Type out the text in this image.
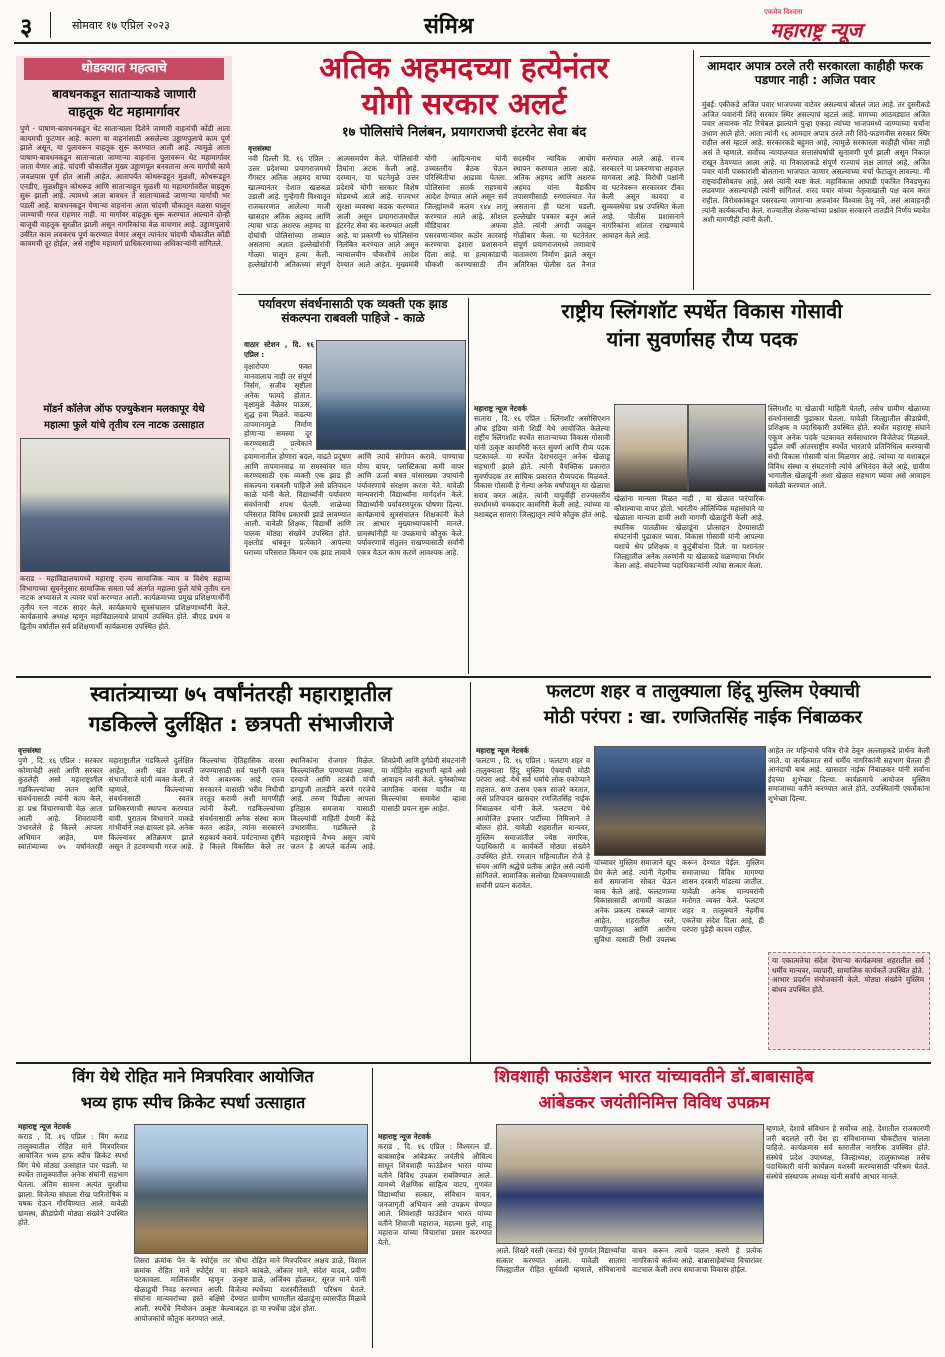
३	सोमवार १७ एप्रिल २०२३	संमिश्र
एकमेव विश्वास
महाराष्ट्र न्यूज
थोडक्यात महत्वाचे
बावधनकडून साताऱ्याकडे जाणारी
वाहतूक थेट महामार्गावर
पुणे - पाषाण-बावधनकडून थेट साताऱ्याला दिशेने जाणारी वाहनांची कोंडी आता कायमची फुटणार आहे. कारण या वाहनांसाठी असलेल्या उड्डाणपुलाचे काम पूर्ण झाले असून, या पुलावरून वाहतूक सुरू करण्यात आली आहे. त्यामुळे आता पाषाण-बावधनकडून साताऱ्याला जाणाऱ्या वाहनांना पुलावरून थेट महामार्गावर जाता येणार आहे. चांदणी चौकातील मुख्य उड्डाणपूल बनवताना अन्य मार्गांची कामे जवळपास पूर्ण होत आली आहेत. आतापर्यंत कोथरूडहून मुळशी, कोथरूडहून एनडीए, मुळशीहून कोथरूड आणि साताऱ्याहून मुळशी या महामार्गावरील वाहतूक सुरू झाली आहे. त्यामध्ये आता बावधन ते साताऱ्याकडे जाणाऱ्या मार्गाची भर पडली आहे. बावधनकडून येणाऱ्या वाहनांना आता चांदणी चौकातून वळसा घालून जाण्याची गरज राहणार नाही. या मार्गावर वाहतूक सुरू करण्यात आल्याने दोन्ही बाजूची वाहतूक सुरळीत झाली असून नागरिकांचा वेळ वाचणार आहे. उड्डाणपुलाचे उर्वरित काम लवकरच पूर्ण करण्यात येणार असून त्यानंतर चांदणी चौकातील कोंडी कायमची दूर होईल, असे राष्ट्रीय महामार्ग प्राधिकरणाच्या अधिकाऱ्यांनी सांगितले.
मॉडर्न कॉलेज ऑफ एज्युकेशन मलकापूर येथे
महात्मा फुले यांचे तृतीय रत्न नाटक उत्साहात
कराड - महाविद्यालयामध्ये महाराष्ट्र राज्य सामाजिक न्याय व विशेष सहाय्य विभागाच्या सूचनेनुसार सामाजिक समता पर्व अंतर्गत महात्मा फुले यांचे तृतीय रत्न नाटक अभ्यासले व त्यावर चर्चा करण्यात आली. कार्यक्रमाच्या प्रमुख प्रशिक्षणार्थींनी तृतीय रत्न नाटक सादर केले. कार्यक्रमाचे सूत्रसंचालन प्रशिक्षणार्थ्यांनी केले. कार्यक्रमाचे अध्यक्ष म्हणून महाविद्यालयाचे प्राचार्य उपस्थित होते. बीएड प्रथम व द्वितीय वर्षातील सर्व प्रशिक्षणार्थी कार्यक्रमास उपस्थित होते.
अतिक अहमदच्या हत्येनंतर
योगी सरकार अलर्ट
१७ पोलिसांचे निलंबन, प्रयागराजची इंटरनेट सेवा बंद
वृत्तसंस्था
नवी दिल्ली दि. १६ एप्रिल : उत्तर प्रदेशच्या प्रयागराजमध्ये गँगस्टर अतिक अहमद याच्या खात्म्यानंतर देशात खळबळ उडाली आहे. गुन्हेगारी विश्वातून राजकारणात आलेल्या माजी खासदार अतिक अहमद आणि त्याचा भाऊ अशरफ अहमद या दोघांची पोलिसांच्या ताब्यात असताना अज्ञात हल्लेखोरांनी गोळ्या घालून हत्या केली. हल्लेखोरांनी अतिकच्या संपूर्ण आत्मसमर्पण केले. पोलिसांनी तिघांना अटक केली आहे. दरम्यान, या घटनेमुळे उत्तर प्रदेशचे योगी सरकार विशेष मोडमध्ये आले आहे. राज्यभर सुरक्षा व्यवस्था कडक करण्यात आली असून प्रयागराजमधील इंटरनेट सेवा बंद करण्यात आली आहे. या प्रकरणी १७ पोलिसांना निलंबित करण्यात आले असून न्यायालयीन चौकशीचे आदेश देण्यात आले आहेत. मुख्यमंत्री योगी आदित्यनाथ यांनी उच्चस्तरीय बैठक घेऊन परिस्थितीचा आढावा घेतला. पोलिसांना सतर्क राहण्याचे आदेश देण्यात आले असून सर्व जिल्ह्यांमध्ये कलम १४४ लागू करण्यात आले आहे. सोशल मीडियावर अफवा पसरवणाऱ्यांवर कठोर कारवाई करण्याचा इशारा प्रशासनाने दिला आहे. या हत्याकांडाची चौकशी करण्यासाठी तीन सदस्यीय न्यायिक आयोग स्थापन करण्यात आला आहे. अतिक अहमद आणि अशरफ अहमद यांना वैद्यकीय तपासणीसाठी रुग्णालयात नेत असताना ही घटना घडली. हल्लेखोर पत्रकार बनून आले होते. त्यांनी अगदी जवळून गोळीबार केला. या घटनेनंतर संपूर्ण प्रयागराजमध्ये तणावाचे वातावरण निर्माण झाले असून अतिरिक्त पोलीस दल तैनात करण्यात आले आहे. राज्य सरकारने या प्रकरणाचा अहवाल मागवला आहे. विरोधी पक्षांनी या घटनेवरून सरकारवर टीका केली असून कायदा व सुव्यवस्थेचा प्रश्न उपस्थित केला आहे. पोलीस प्रशासनाने नागरिकांना शांतता राखण्याचे आवाहन केले आहे.
आमदार अपात्र ठरले तरी सरकारला काहीही फरक पडणार नाही : अजित पवार
मुंबई: एकीकडे अजित पवार भाजपच्या वाटेवर असल्याचं बोललं जात आहे. तर दुसरीकडे अजित पवारांनी शिंदे सरकार स्थिर असल्याचं म्हटलं आहे. मागच्या आठवड्यात अजित पवार अचानक नॉट रिचेबल झाल्याने पुन्हा एकदा त्यांच्या भाजपमध्ये जाण्याच्या चर्चांना उधाण आले होते. आता त्यांनी १६ आमदार अपात्र ठरले तरी शिंदे-फडणवीस सरकार स्थिर राहील असं म्हटलं आहे. सरकारकडे बहुमत आहे, त्यामुळे सरकारला काहीही धोका नाही असं ते म्हणाले. सर्वोच्च न्यायालयात सत्तासंघर्षाची सुनावणी पूर्ण झाली असून निकाल राखून ठेवण्यात आला आहे. या निकालाकडे संपूर्ण राज्याचं लक्ष लागलं आहे. अजित पवार यांनी पत्रकारांशी बोलताना भाजपात जाणार असल्याच्या चर्चा फेटाळून लावल्या. मी राष्ट्रवादीसोबतच आहे, असं त्यांनी स्पष्ट केलं. महाविकास आघाडी एकत्रित निवडणुका लढवणार असल्याचंही त्यांनी सांगितलं. शरद पवार यांच्या नेतृत्वाखाली पक्ष काम करत राहील. विरोधकांकडून पसरवल्या जाणाऱ्या अफवांवर विश्वास ठेवू नये, असं आवाहनही त्यांनी कार्यकर्त्यांना केलं. राज्यातील शेतकऱ्यांच्या प्रश्नांवर सरकारने तातडीने निर्णय घ्यावेत अशी मागणीही त्यांनी केली.
पर्यावरण संवर्धनासाठी एक व्यक्ती एक झाड संकल्पना राबवली पाहिजे - काळे
वाठार स्टेशन , दि. १६ एप्रिल :
वृक्षारोपण फक्त मानवालाच नाही तर संपूर्ण निर्सग, सजीव सृष्टीला अनेक फायदे होतात. वृक्षामुळे वेळेवर पाऊस, शुद्ध हवा मिळते. वाढत्या तापमानामुळे निर्माण होणाऱ्या समस्या दूर करण्यासाठी प्रत्येकाने
हवामानातील होणारा बदल, वाढते प्रदूषण आणि तापमानवाढ या समस्यांवर मात करण्यासाठी एक व्यक्ती एक झाड ही संकल्पना राबवली पाहिजे असे प्रतिपादन काळे यांनी केले. विद्यार्थ्यांनी पर्यावरण संवर्धनाची शपथ घेतली. शाळेच्या परिसरात विविध प्रकारची झाडे लावण्यात आली. यावेळी शिक्षक, विद्यार्थी आणि पालक मोठ्या संख्येने उपस्थित होते. वृक्षतोड थांबवून प्रत्येकाने आपल्या घराच्या परिसरात किमान एक झाड लावावे आणि त्याचे संगोपन करावे. पाण्याचा योग्य वापर, प्लास्टिकचा कमी वापर आणि ऊर्जा बचत यांसारख्या उपायांनी पर्यावरणाचे संरक्षण करता येते. यावेळी मान्यवरांनी विद्यार्थ्यांना मार्गदर्शन केले. विद्यार्थ्यांनी पर्यावरणपूरक घोषणा दिल्या. कार्यक्रमाचे सूत्रसंचालन शिक्षकांनी केले तर आभार मुख्याध्यापकांनी मानले. ग्रामस्थांनीही या उपक्रमाचे कौतुक केले. पर्यावरणाचे संतुलन राखण्यासाठी सर्वांनी एकत्र येऊन काम करणे आवश्यक आहे.
राष्ट्रीय स्लिंगशॉट स्पर्धेत विकास गोसावी
यांना सुवर्णासह रौप्य पदक
महाराष्ट्र न्यूज नेटवर्क
सातारा , दि. १६ एप्रिल : स्लिंगशॉट असोसिएशन ऑफ इंडिया यांनी शिर्डी येथे आयोजित केलेल्या राष्ट्रीय स्लिंगशॉट स्पर्धेत साताऱ्याच्या विकास गोसावी यांनी उत्कृष्ट कामगिरी करत सुवर्ण आणि रौप्य पदक पटकावले. या स्पर्धेत देशभरातून अनेक खेळाडू सहभागी झाले होते. त्यांनी वैयक्तिक प्रकारात सुवर्णपदक तर सांघिक प्रकारात रौप्यपदक मिळवले. विकास गोसावी हे गेल्या अनेक वर्षांपासून या खेळाचा सराव करत आहेत. त्यांनी यापूर्वीही राज्यस्तरीय स्पर्धांमध्ये चमकदार कामगिरी केली आहे. त्यांच्या या यशाबद्दल सातारा जिल्ह्यातून त्यांचे कौतुक होत आहे.
खेळांना मान्यता मिळत नाही , या खेळात पारंपारिक कौशल्याचा वापर होतो. भारतीय ऑलिम्पिक महासंघाने या खेळाला मान्यता द्यावी अशी मागणी खेळाडूंनी केली आहे. स्थानिक पातळीवर खेळाडूंना प्रोत्साहन देण्यासाठी संघटनांनी पुढाकार घ्यावा. विकास गोसावी यांनी आपल्या यशाचे श्रेय प्रशिक्षक व कुटुंबीयांना दिले. या यशानंतर जिल्ह्यातील अनेक तरुणांनी या खेळाकडे वळण्याचा निर्धार केला आहे. संघटनेच्या पदाधिकाऱ्यांनी त्यांचा सत्कार केला.
स्लिंगशॉट या खेळाची माहिती घेतली, तसेच ग्रामीण खेळाच्या संवर्धनासाठी पुढाकार घेतला. यावेळी जिल्ह्यातील क्रीडाप्रेमी, प्रशिक्षक व पदाधिकारी उपस्थित होते. स्पर्धेत महाराष्ट्र संघाने एकूण अनेक पदके पटकावत सर्वसाधारण विजेतेपद मिळवले. पुढील वर्षी आंतरराष्ट्रीय स्पर्धेत भारताचे प्रतिनिधित्व करण्याची संधी विकास गोसावी यांना मिळणार आहे. त्यांच्या या यशाबद्दल विविध संस्था व संघटनांनी त्यांचे अभिनंदन केले आहे. ग्रामीण भागातील खेळाडूंनी अशा खेळात सहभाग घ्यावा असे आवाहन यावेळी करण्यात आले.
स्वातंत्र्याच्या ७५ वर्षांनंतरही महाराष्ट्रातील
गडकिल्ले दुर्लक्षित : छत्रपती संभाजीराजे
वृत्तसंस्था
पुणे , दि. १६ एप्रिल : सरकार कोणाचेही असो आणि सरकार कुठलेही असो महाराष्ट्रातील गडकिल्ल्यांच्या जतन आणि संवर्धनासाठी त्यांनी काय केले, हा प्रश्न विचारण्याची वेळ आता आली आहे. शिवरायांनी उभारलेले हे किल्ले आपला अभिमान आहेत, पण स्वातंत्र्याच्या ७५ वर्षांनंतरही महाराष्ट्रातील गडकिल्ले दुर्लक्षित आहेत, अशी खंत छत्रपती संभाजीराजे यांनी व्यक्त केली. ते म्हणाले, किल्ल्यांच्या संवर्धनासाठी स्वतंत्र प्राधिकरणाची स्थापना करण्यात यावी. पुरातत्व विभागाने याकडे गांभीर्याने लक्ष द्यायला हवे. अनेक किल्ल्यांवर अतिक्रमण झाले असून ते हटवण्याची गरज आहे. किल्ल्यांचा ऐतिहासिक वारसा जपण्यासाठी सर्व पक्षांनी एकत्र येणे आवश्यक आहे. राज्य सरकारने यासाठी भरीव निधीची तरतूद करावी अशी मागणीही त्यांनी केली. गडकिल्ल्यांच्या संवर्धनासाठी अनेक संस्था काम करत आहेत, त्यांना सरकारने सहकार्य करावे. पर्यटनाच्या दृष्टीने हे किल्ले विकसित केले तर स्थानिकांना रोजगार मिळेल. किल्ल्यांवरील पाण्याच्या टाक्या, दरवाजे आणि तटबंदी यांची डागडुजी तातडीने करणे गरजेचे आहे. तरुण पिढीला आपला इतिहास समजावा यासाठी किल्ल्यांची माहिती देणारी केंद्रे उभारावीत. गडकिल्ले हे महाराष्ट्राचे वैभव असून त्यांचे जतन हे आपले कर्तव्य आहे. शिवप्रेमी आणि दुर्गप्रेमी संघटनांनी या मोहिमेत सहभागी व्हावे असे आवाहन त्यांनी केले. युनेस्कोच्या जागतिक वारसा यादीत या किल्ल्यांचा समावेश व्हावा यासाठी प्रयत्न सुरू आहेत.
फलटण शहर व तालुक्याला हिंदू मुस्लिम ऐक्याची
मोठी परंपरा : खा. रणजितसिंह नाईक निंबाळकर
महाराष्ट्र न्यूज नेटवर्क
फलटण , दि. १६ एप्रिल : फलटण शहर व तालुक्याला हिंदू मुस्लिम ऐक्याची मोठी परंपरा आहे. येथे सर्व धर्मांचे लोक एकोप्याने राहतात. सण उत्सव एकत्र साजरे करतात, असे प्रतिपादन खासदार रणजितसिंह नाईक निंबाळकर यांनी केले. फलटण येथे आयोजित इफ्तार पार्टीच्या निमित्ताने ते बोलत होते. यावेळी शहरातील मान्यवर, मुस्लिम समाजातील ज्येष्ठ नागरिक, पदाधिकारी व कार्यकर्ते मोठ्या संख्येने उपस्थित होते. रमजान महिन्यातील रोजे हे संयम आणि श्रद्धेचे प्रतीक आहेत असे त्यांनी सांगितले. सामाजिक सलोखा टिकवण्यासाठी सर्वांनी प्रयत्न करावेत.
यांच्यावर मुस्लिम समाजाने खूप प्रेम केले आहे. त्यांनी नेहमीच सर्व समाजांना सोबत घेऊन काम केले आहे. फलटणच्या विकासासाठी आगामी काळात अनेक प्रकल्प राबवले जाणार आहेत. शहरातील रस्ते, पाणीपुरवठा आणि आरोग्य सुविधा यासाठी निधी उपलब्ध करून देण्यात येईल. मुस्लिम समाजाच्या विविध मागण्या शासन दरबारी मांडल्या जातील. यावेळी अनेक मान्यवरांनी मनोगत व्यक्त केले. फलटण शहर व तालुक्याने नेहमीच एकतेचा संदेश दिला आहे, ही परंपरा पुढेही कायम राहील.
आहेत तर महिन्याचे पवित्र रोजे ठेवून अल्लाहकडे प्रार्थना केली जाते. या कार्यक्रमात सर्व धर्मीय नागरिकांनी सहभाग घेतला ही आनंदाची बाब आहे. खासदार नाईक निंबाळकर यांनी सर्वांना ईदच्या शुभेच्छा दिल्या. कार्यक्रमाचे आयोजन मुस्लिम समाजाच्या वतीने करण्यात आले होते. उपस्थितांनी एकमेकांना शुभेच्छा दिल्या.
या एकात्मतेचा संदेश देणाऱ्या कार्यक्रमास शहरातील सर्व धर्मीय मान्यवर, व्यापारी, सामाजिक कार्यकर्ते उपस्थित होते. आभार प्रदर्शन संयोजकांनी केले. मोठ्या संख्येने मुस्लिम बांधव उपस्थित होते.
विंग येथे रोहित माने मित्रपरिवार आयोजित
भव्य हाफ स्पीच क्रिकेट स्पर्धा उत्साहात
महाराष्ट्र न्यूज नेटवर्क
कराड , दि. १६ एप्रिल : विंग कराड तालुक्यातील रोहित माने मित्रपरिवार आयोजित भव्य हाफ स्पीच क्रिकेट स्पर्धा विंग येथे मोठ्या उत्साहात पार पडली. या स्पर्धेत तालुक्यातील अनेक संघांनी सहभाग घेतला. अंतिम सामना अत्यंत चुरशीचा झाला. विजेत्या संघाला रोख पारितोषिक व चषक देऊन गौरविण्यात आले. यावेळी ग्रामस्थ, क्रीडाप्रेमी मोठ्या संख्येने उपस्थित होते.
तिसरा क्रमांक पेन के स्पोर्ट्स तर चौथा क्रमांक रोहित माने स्पोर्ट्स या संघाने पटकावला. मालिकावीर म्हणून उत्कृष्ट खेळाडूची निवड करण्यात आली. विजेत्या संघांना मान्यवरांच्या हस्ते बक्षिसे देण्यात आली. स्पर्धेचे नियोजन उत्कृष्ट केल्याबद्दल आयोजकांचे कौतुक करण्यात आले.
रोहित माने मित्रपरिवार अक्षय डाळे, विशाल कांबळे, ओंकार माने, संदेश यादव, प्रवीण डाळे, अजिंक्य होळकर, सूरज माने यांनी स्पर्धेच्या यशस्वीतेसाठी परिश्रम घेतले. ग्रामीण भागातील खेळाडूंना व्यासपीठ मिळावे हा या स्पर्धेचा उद्देश होता.
शिवशाही फाउंडेशन भारत यांच्यावतीने डॉ.बाबासाहेब
आंबेडकर जयंतीनिमित्त विविध उपक्रम
महाराष्ट्र न्यूज नेटवर्क
कराड , दि. १६ एप्रिल : विश्वरत्न डॉ. बाबासाहेब आंबेडकर जयंतीचे औचित्य साधून शिवशाही फाउंडेशन भारत यांच्या वतीने विविध उपक्रम राबविण्यात आले. यामध्ये शैक्षणिक साहित्य वाटप, गुणवंत विद्यार्थ्यांचा सत्कार, संविधान वाचन, जनजागृती अभियान असे उपक्रम घेण्यात आले. शिवशाही फाउंडेशन भारत यांच्या वतीने शिवाजी महाराज, महात्मा फुले, शाहू महाराज यांच्या विचारांचा प्रसार करण्यात येतो.
आले. शिखरे वस्ती (कराड) येथे गुणवंत विद्यार्थ्यांचा सत्कार करण्यात आला. यावेळी सातारा जिल्ह्यातील रोहित सूर्यवंशी म्हणाले, संविधानाचे वाचन करून त्याचे पालन करणे हे प्रत्येक नागरिकाचे कर्तव्य आहे. बाबासाहेबांच्या विचारांवर वाटचाल केली तरच समाजाचा विकास होईल.
म्हणाले, देशाचे संविधान हे सर्वोच्च आहे. देशातील राजकारणी जरी बदलले तरी देश हा संविधानाच्या चौकटीतच चालला पाहिजे. कार्यक्रमास सर्व स्तरातील नागरिक उपस्थित होते. संस्थेचे प्रदेश उपाध्यक्ष, जिल्हाध्यक्ष, तालुकाध्यक्ष तसेच पदाधिकारी यांनी कार्यक्रम यशस्वी करण्यासाठी परिश्रम घेतले. संस्थेचे संस्थापक अध्यक्ष यांनी सर्वांचे आभार मानले.
